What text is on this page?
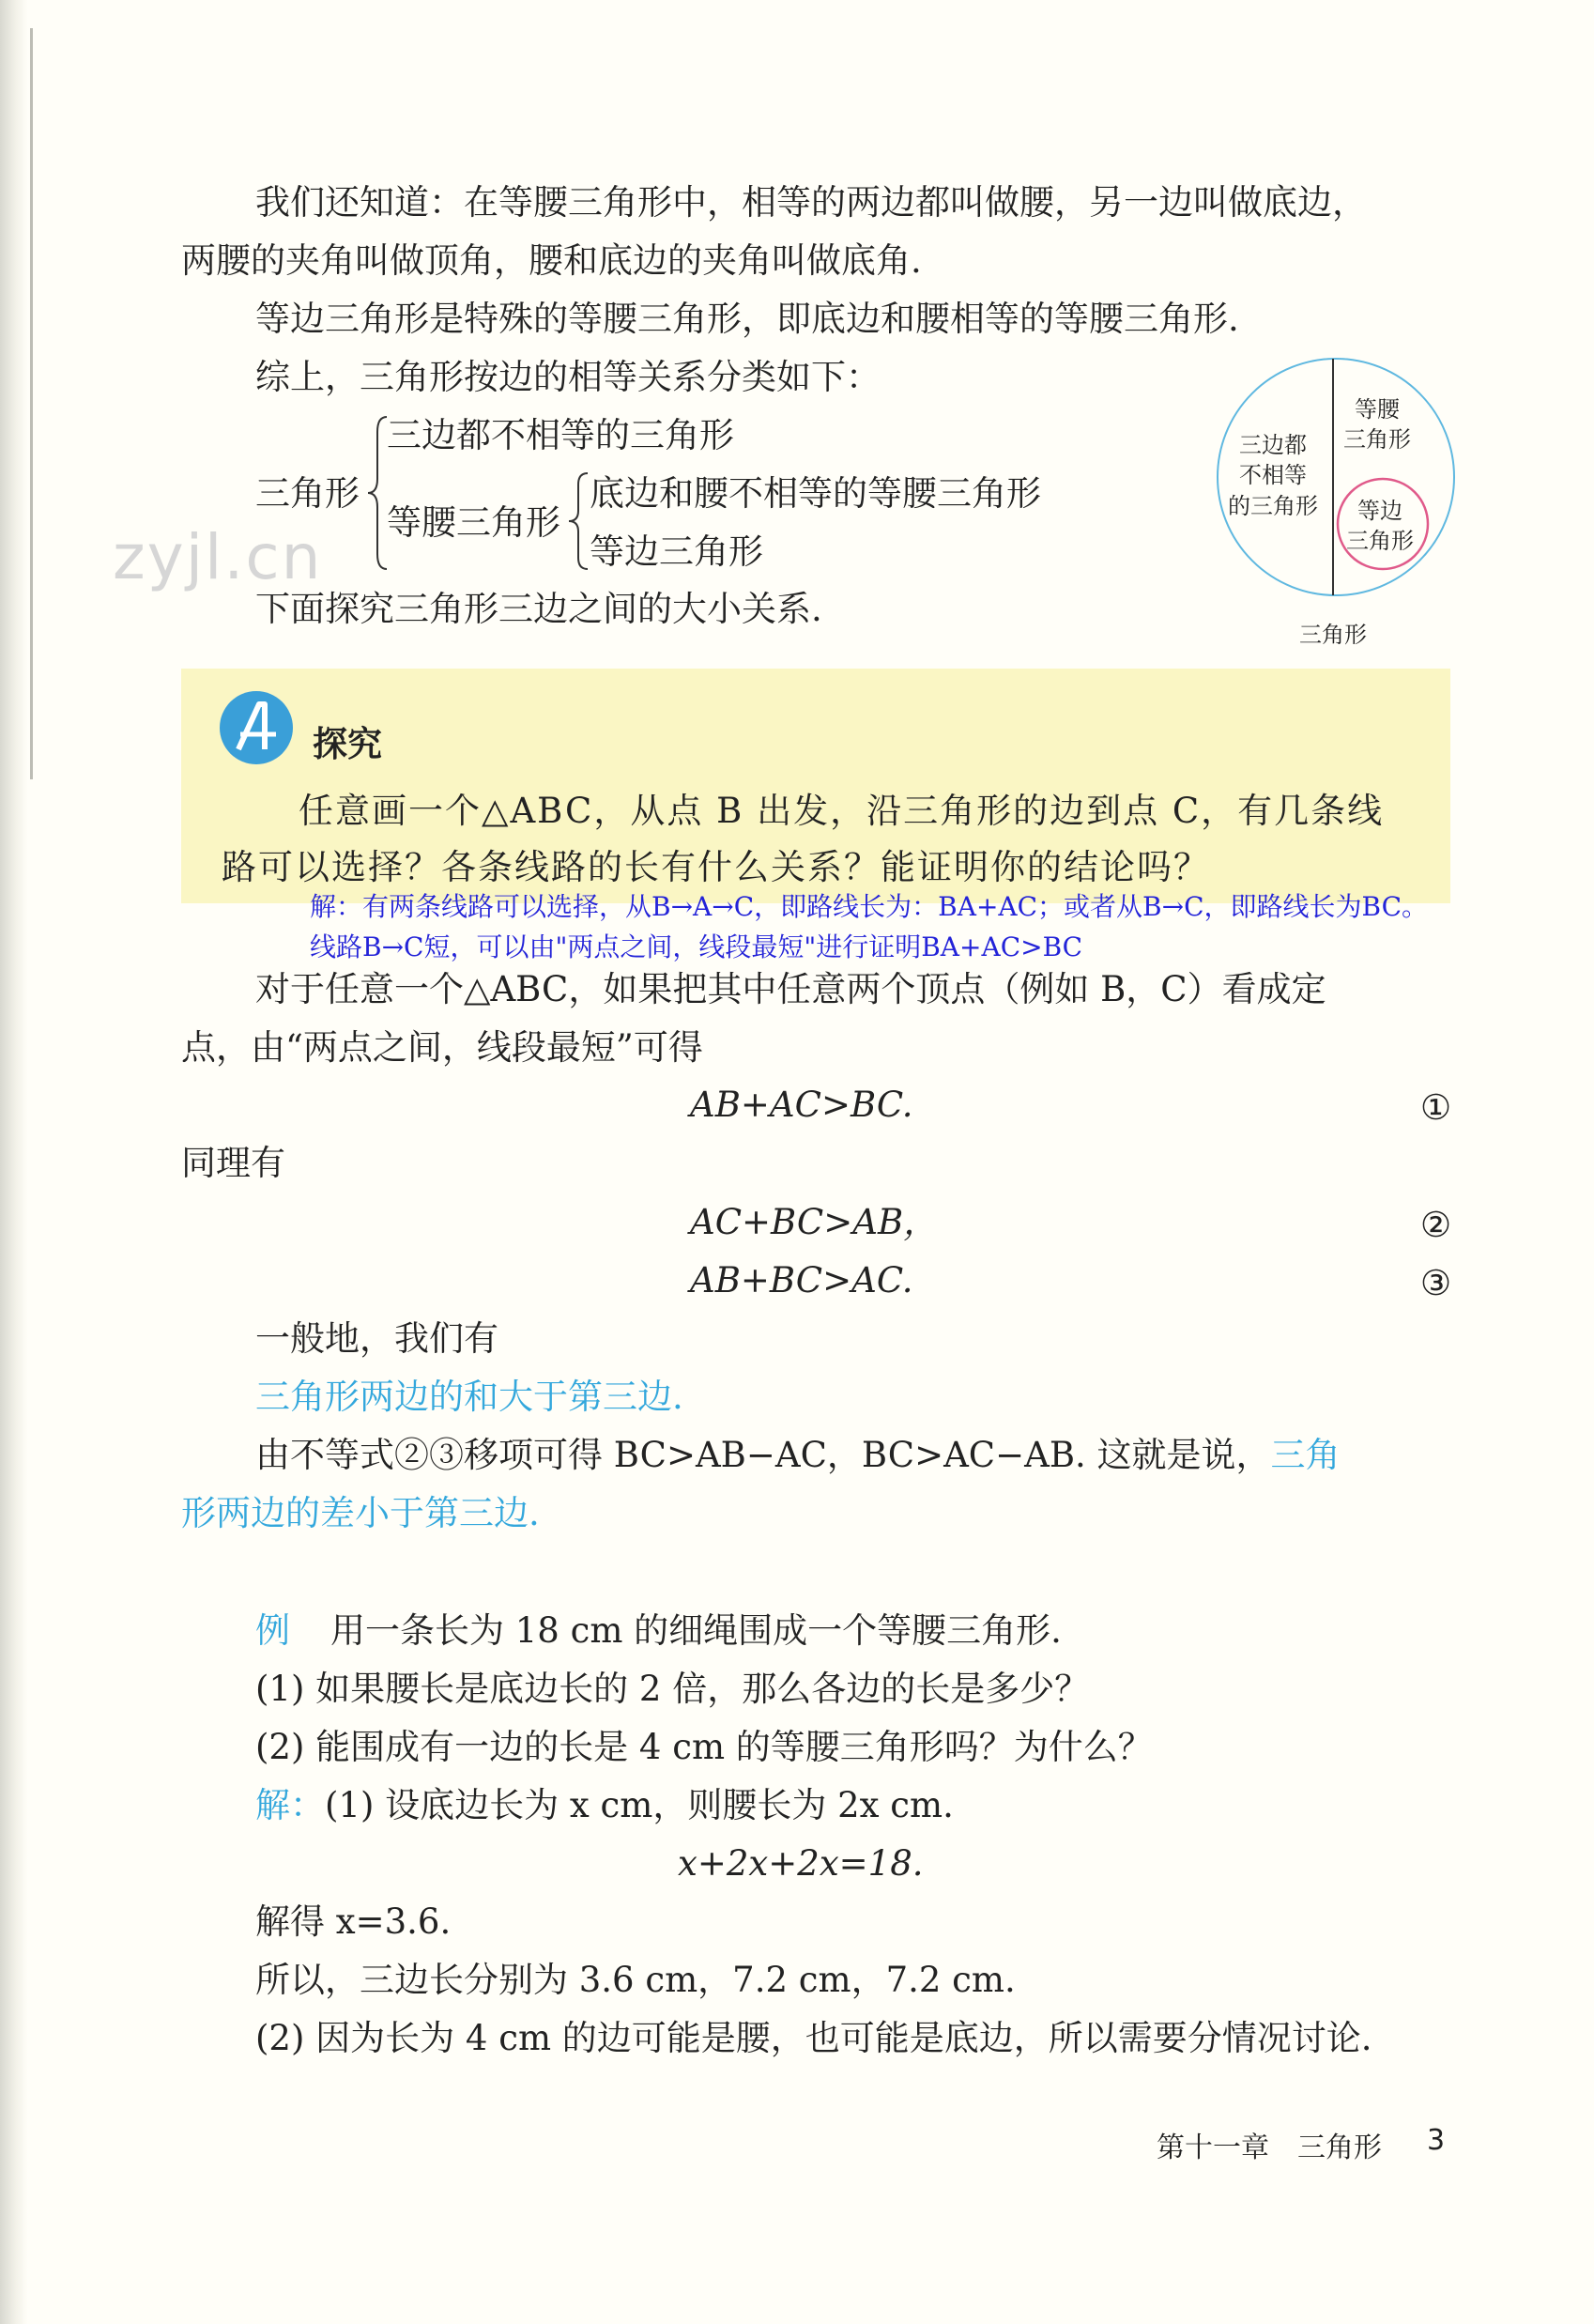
我们还知道：在等腰三角形中，相等的两边都叫做腰，另一边叫做底边，
两腰的夹角叫做顶角，腰和底边的夹角叫做底角.
等边三角形是特殊的等腰三角形，即底边和腰相等的等腰三角形.
综上，三角形按边的相等关系分类如下：
三角形
三边都不相等的三角形
等腰三角形
底边和腰不相等的等腰三角形
等边三角形
三边都
不相等
的三角形
等腰
三角形
等边
三角形
三角形
下面探究三角形三边之间的大小关系.
zyjl.cn
探究
任意画一个△ABC，从点 B 出发，沿三角形的边到点 C，有几条线
路可以选择？各条线路的长有什么关系？能证明你的结论吗？
解：有两条线路可以选择，从B→A→C，即路线长为：BA+AC；或者从B→C，即路线长为BC。
线路B→C短，可以由"两点之间，线段最短"进行证明BA+AC>BC
对于任意一个△ABC，如果把其中任意两个顶点（例如 B，C）看成定
点，由“两点之间，线段最短”可得
AB+AC>BC.	①
同理有
AC+BC>AB，	②
AB+BC>AC.	③
一般地，我们有
三角形两边的和大于第三边.
由不等式②③移项可得 BC>AB−AC，BC>AC−AB. 这就是说，三角
形两边的差小于第三边.
例 用一条长为 18 cm 的细绳围成一个等腰三角形.
(1) 如果腰长是底边长的 2 倍，那么各边的长是多少？
(2) 能围成有一边的长是 4 cm 的等腰三角形吗？为什么？
解：(1) 设底边长为 x cm，则腰长为 2x cm.
x+2x+2x=18.
解得 x=3.6.
所以，三边长分别为 3.6 cm，7.2 cm，7.2 cm.
(2) 因为长为 4 cm 的边可能是腰，也可能是底边，所以需要分情况讨论.
第十一章 三角形 3
